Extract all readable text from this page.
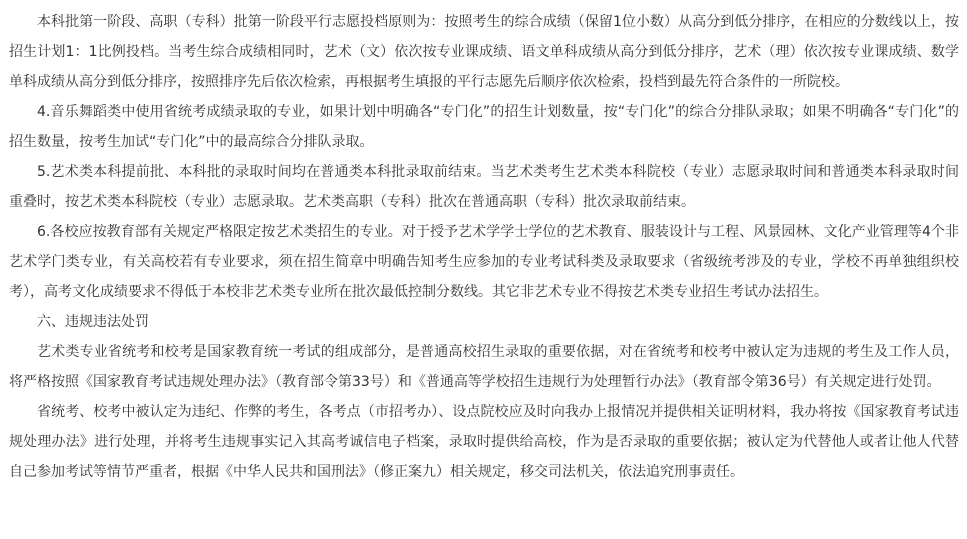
本科批第一阶段、高职（专科）批第一阶段平行志愿投档原则为：按照考生的综合成绩（保留1位小数）从高分到低分排序，在相应的分数线以上，按招生计划1：1比例投档。当考生综合成绩相同时，艺术（文）依次按专业课成绩、语文单科成绩从高分到低分排序，艺术（理）依次按专业课成绩、数学单科成绩从高分到低分排序，按照排序先后依次检索，再根据考生填报的平行志愿先后顺序依次检索，投档到最先符合条件的一所院校。

4.音乐舞蹈类中使用省统考成绩录取的专业，如果计划中明确各“专门化”的招生计划数量，按“专门化”的综合分排队录取；如果不明确各“专门化”的招生数量，按考生加试“专门化”中的最高综合分排队录取。

5.艺术类本科提前批、本科批的录取时间均在普通类本科批录取前结束。当艺术类考生艺术类本科院校（专业）志愿录取时间和普通类本科录取时间重叠时，按艺术类本科院校（专业）志愿录取。艺术类高职（专科）批次在普通高职（专科）批次录取前结束。

6.各校应按教育部有关规定严格限定按艺术类招生的专业。对于授予艺术学学士学位的艺术教育、服装设计与工程、风景园林、文化产业管理等4个非艺术学门类专业，有关高校若有专业要求，须在招生简章中明确告知考生应参加的专业考试科类及录取要求（省级统考涉及的专业，学校不再单独组织校考），高考文化成绩要求不得低于本校非艺术类专业所在批次最低控制分数线。其它非艺术专业不得按艺术类专业招生考试办法招生。

六、违规违法处罚

艺术类专业省统考和校考是国家教育统一考试的组成部分，是普通高校招生录取的重要依据，对在省统考和校考中被认定为违规的考生及工作人员，将严格按照《国家教育考试违规处理办法》（教育部令第33号）和《普通高等学校招生违规行为处理暂行办法》（教育部令第36号）有关规定进行处罚。

省统考、校考中被认定为违纪、作弊的考生，各考点（市招考办）、设点院校应及时向我办上报情况并提供相关证明材料，我办将按《国家教育考试违规处理办法》进行处理，并将考生违规事实记入其高考诚信电子档案，录取时提供给高校，作为是否录取的重要依据；被认定为代替他人或者让他人代替自己参加考试等情节严重者，根据《中华人民共和国刑法》（修正案九）相关规定，移交司法机关，依法追究刑事责任。
